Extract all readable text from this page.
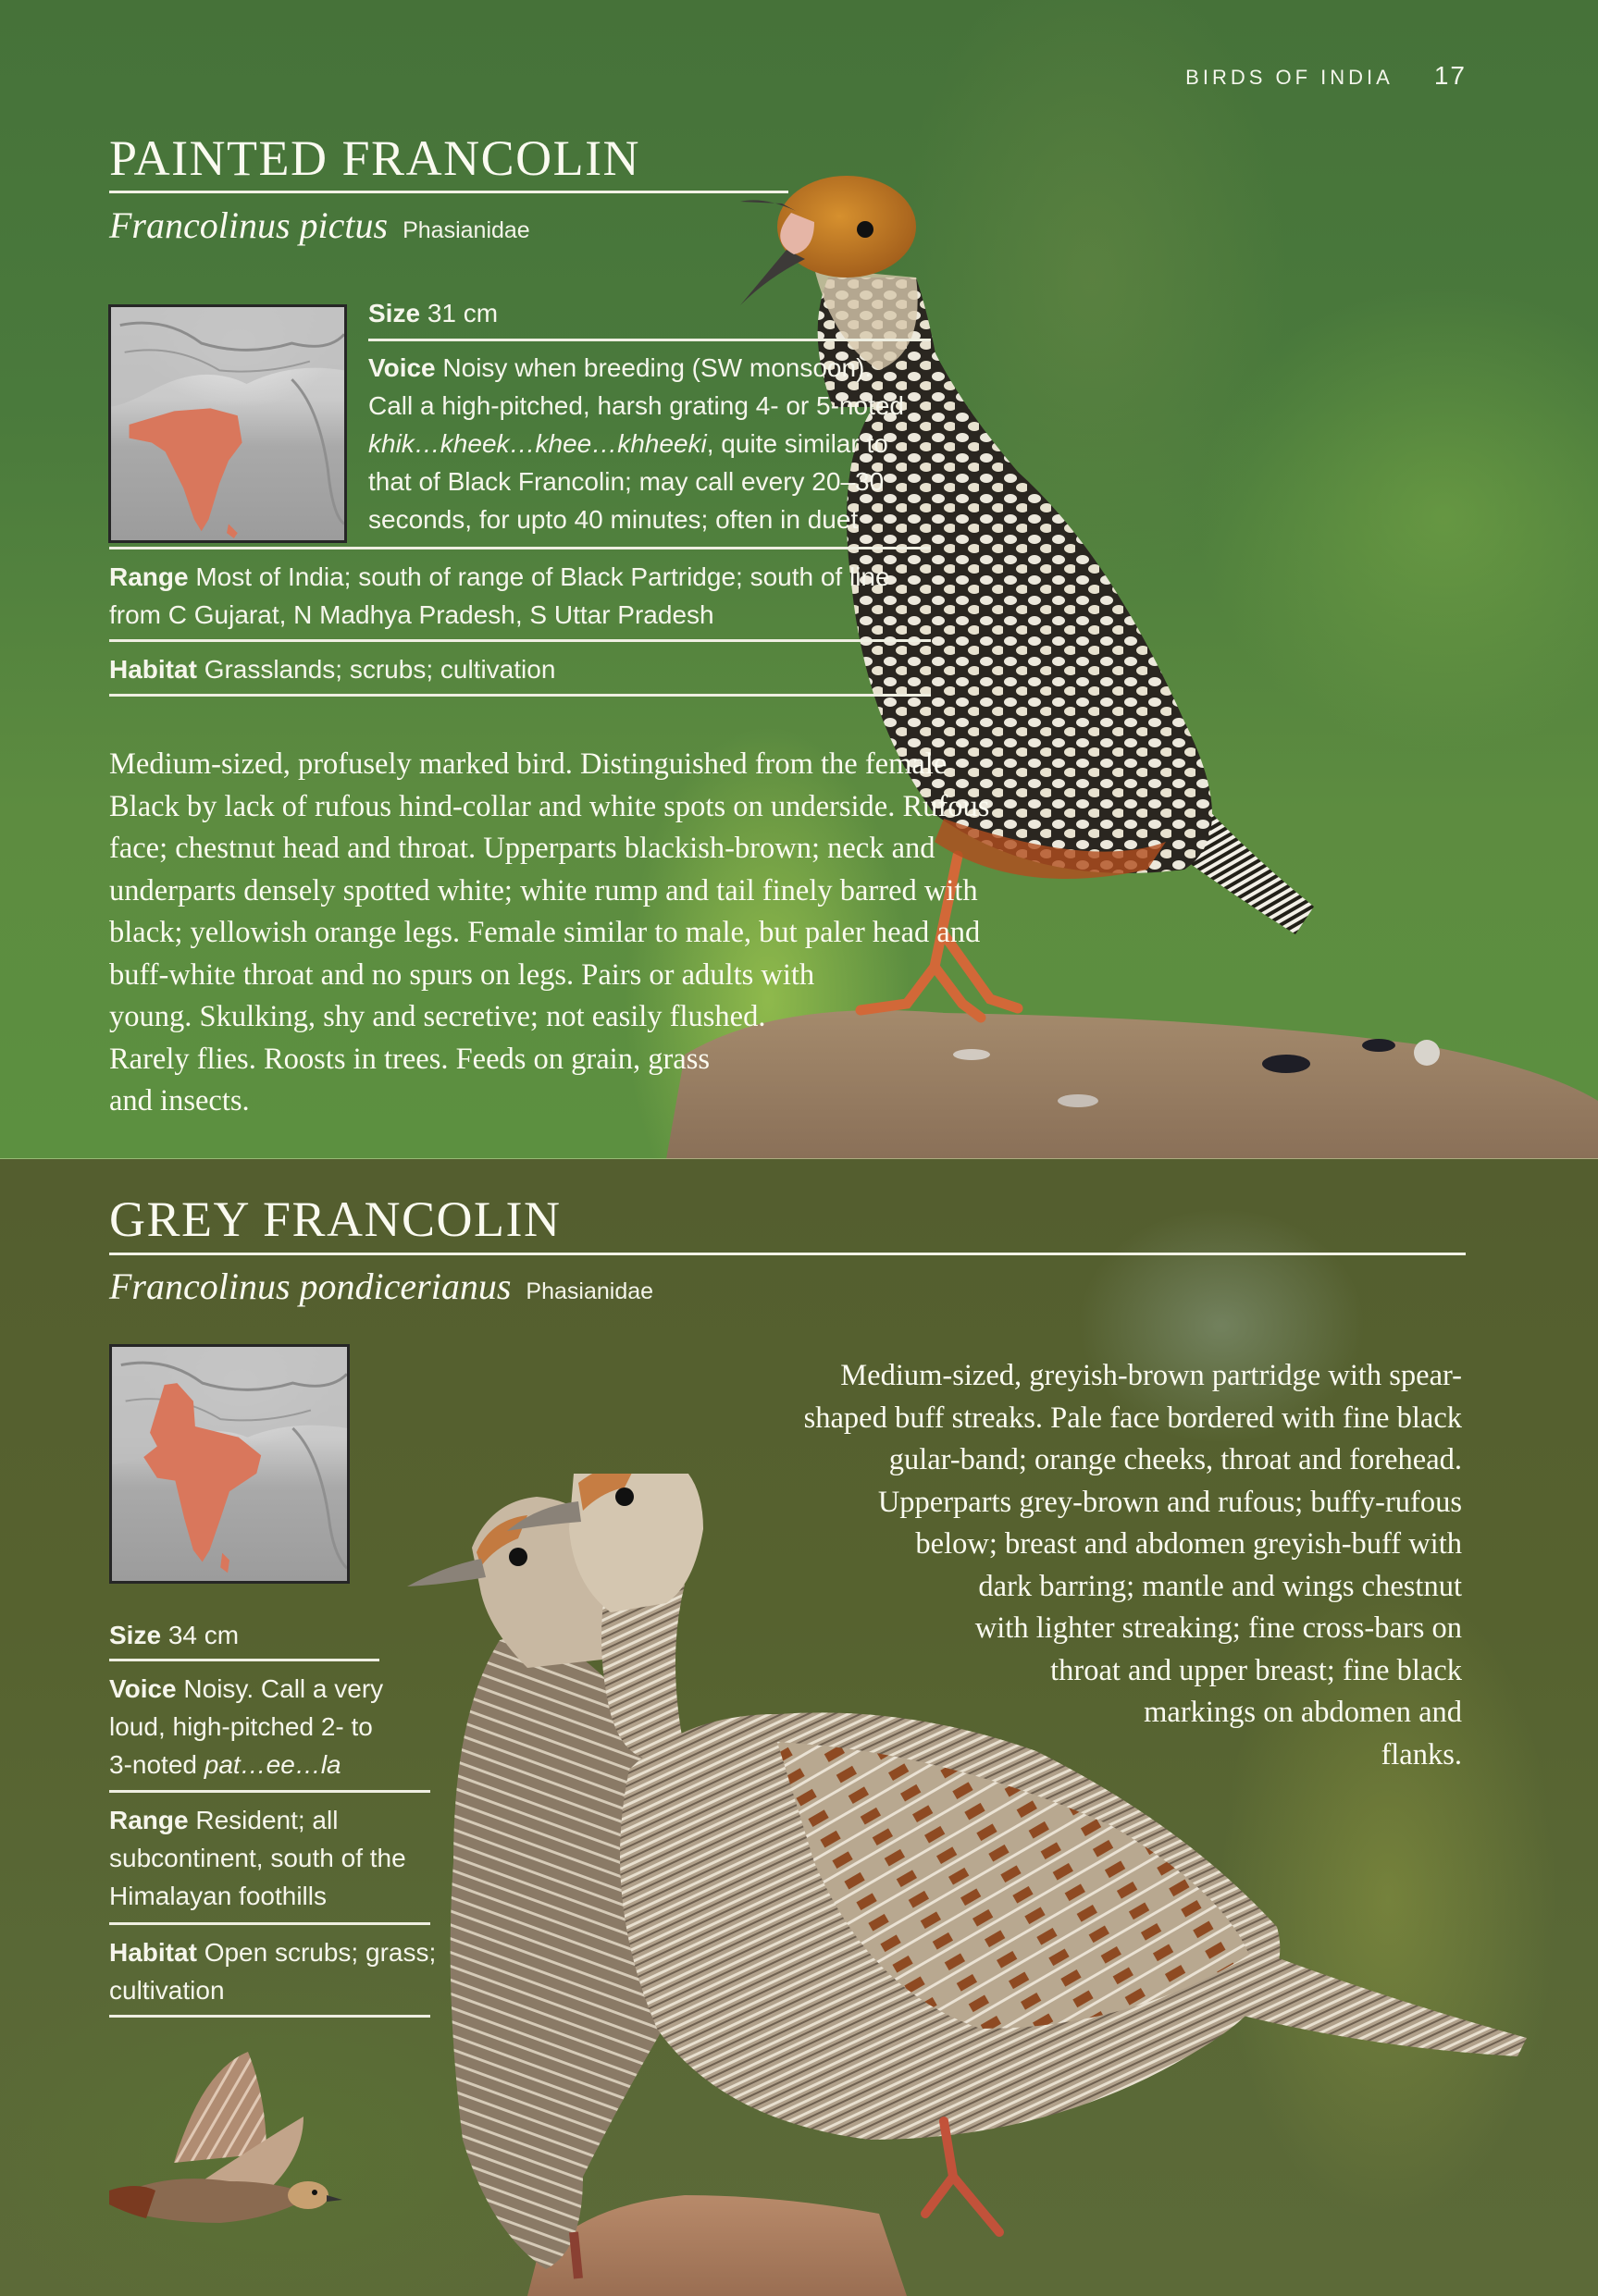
BIRDS OF INDIA 17
PAINTED FRANCOLIN
Francolinus pictus Phasianidae
Size 31 cm
Voice Noisy when breeding (SW monsoon).
Call a high-pitched, harsh grating 4- or 5-noted
khik…kheek…khee…khheeki, quite similar to
that of Black Francolin; may call every 20–30
seconds, for upto 40 minutes; often in duet
Range Most of India; south of range of Black Partridge; south of line
from C Gujarat, N Madhya Pradesh, S Uttar Pradesh
Habitat Grasslands; scrubs; cultivation
Medium-sized, profusely marked bird. Distinguished from the female
Black by lack of rufous hind-collar and white spots on underside. Rufous
face; chestnut head and throat. Upperparts blackish-brown; neck and
underparts densely spotted white; white rump and tail finely barred with
black; yellowish orange legs. Female similar to male, but paler head and
buff-white throat and no spurs on legs. Pairs or adults with
young. Skulking, shy and secretive; not easily flushed.
Rarely flies. Roosts in trees. Feeds on grain, grass
and insects.
GREY FRANCOLIN
Francolinus pondicerianus Phasianidae
Size 34 cm
Voice Noisy. Call a very
loud, high-pitched 2- to
3-noted pat…ee…la
Range Resident; all
subcontinent, south of the
Himalayan foothills
Habitat Open scrubs; grass;
cultivation
Medium-sized, greyish-brown partridge with spear-
shaped buff streaks. Pale face bordered with fine black
gular-band; orange cheeks, throat and forehead.
Upperparts grey-brown and rufous; buffy-rufous
below; breast and abdomen greyish-buff with
dark barring; mantle and wings chestnut
with lighter streaking; fine cross-bars on
throat and upper breast; fine black
markings on abdomen and
flanks.
